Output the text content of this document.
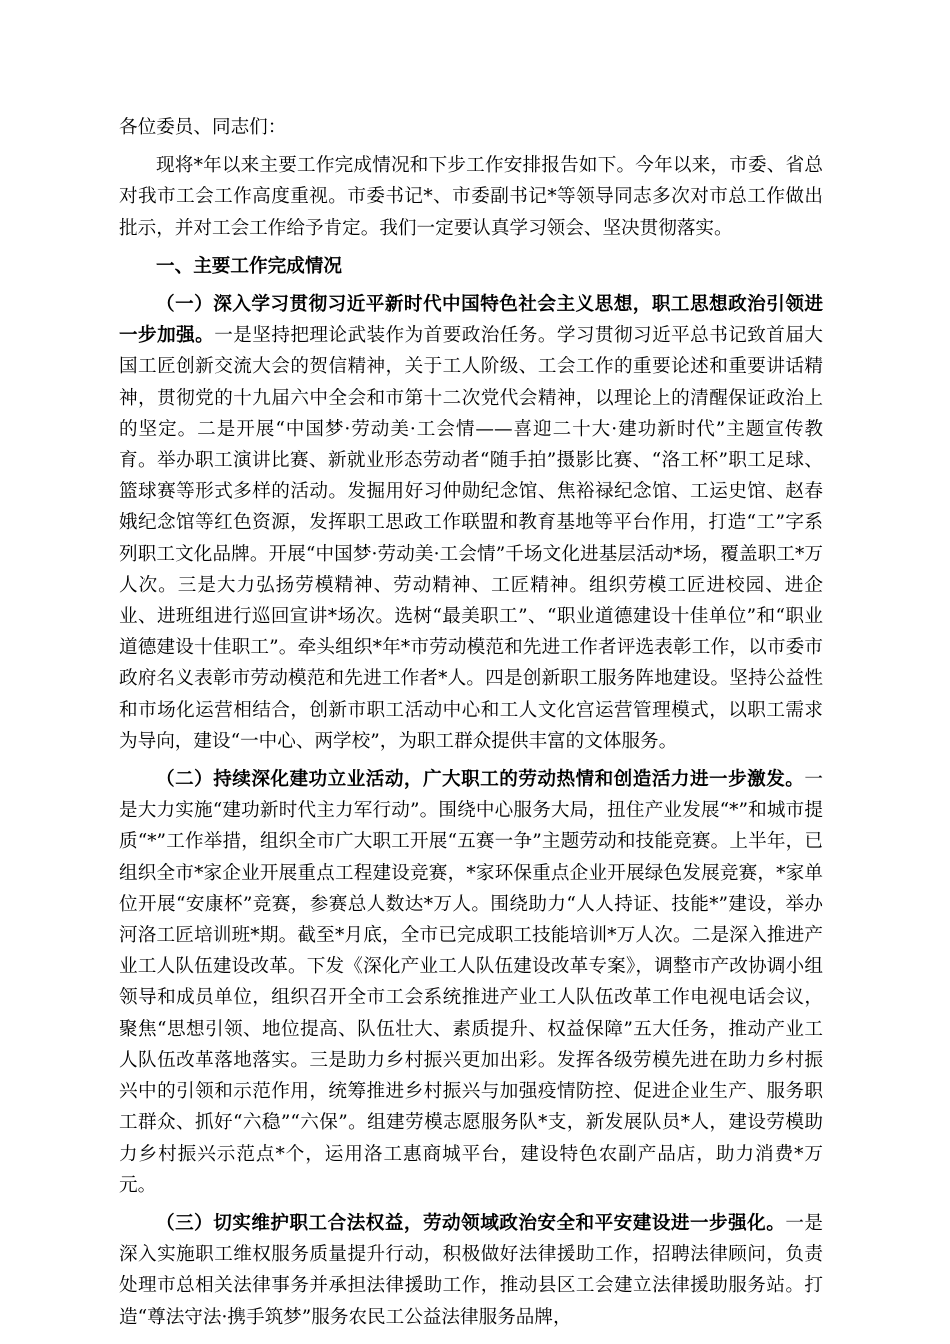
各位委员、同志们：

现将*年以来主要工作完成情况和下步工作安排报告如下。今年以来，市委、省总对我市工会工作高度重视。市委书记*、市委副书记*等领导同志多次对市总工作做出批示，并对工会工作给予肯定。我们一定要认真学习领会、坚决贯彻落实。

一、主要工作完成情况

（一）深入学习贯彻习近平新时代中国特色社会主义思想，职工思想政治引领进一步加强。一是坚持把理论武装作为首要政治任务。学习贯彻习近平总书记致首届大国工匠创新交流大会的贺信精神，关于工人阶级、工会工作的重要论述和重要讲话精神，贯彻党的十九届六中全会和市第十二次党代会精神，以理论上的清醒保证政治上的坚定。二是开展“中国梦·劳动美·工会情——喜迎二十大·建功新时代”主题宣传教育。举办职工演讲比赛、新就业形态劳动者“随手拍”摄影比赛、“洛工杯”职工足球、篮球赛等形式多样的活动。发掘用好习仲勋纪念馆、焦裕禄纪念馆、工运史馆、赵春娥纪念馆等红色资源，发挥职工思政工作联盟和教育基地等平台作用，打造“工”字系列职工文化品牌。开展“中国梦·劳动美·工会情”千场文化进基层活动*场，覆盖职工*万人次。三是大力弘扬劳模精神、劳动精神、工匠精神。组织劳模工匠进校园、进企业、进班组进行巡回宣讲*场次。选树“最美职工”、“职业道德建设十佳单位”和“职业道德建设十佳职工”。牵头组织*年*市劳动模范和先进工作者评选表彰工作，以市委市政府名义表彰市劳动模范和先进工作者*人。四是创新职工服务阵地建设。坚持公益性和市场化运营相结合，创新市职工活动中心和工人文化宫运营管理模式，以职工需求为导向，建设“一中心、两学校”，为职工群众提供丰富的文体服务。

（二）持续深化建功立业活动，广大职工的劳动热情和创造活力进一步激发。一是大力实施“建功新时代主力军行动”。围绕中心服务大局，扭住产业发展“*”和城市提质“*”工作举措，组织全市广大职工开展“五赛一争”主题劳动和技能竞赛。上半年，已组织全市*家企业开展重点工程建设竞赛，*家环保重点企业开展绿色发展竞赛，*家单位开展“安康杯”竞赛，参赛总人数达*万人。围绕助力“人人持证、技能*”建设，举办河洛工匠培训班*期。截至*月底，全市已完成职工技能培训*万人次。二是深入推进产业工人队伍建设改革。下发《深化产业工人队伍建设改革专案》，调整市产改协调小组领导和成员单位，组织召开全市工会系统推进产业工人队伍改革工作电视电话会议，聚焦“思想引领、地位提高、队伍壮大、素质提升、权益保障”五大任务，推动产业工人队伍改革落地落实。三是助力乡村振兴更加出彩。发挥各级劳模先进在助力乡村振兴中的引领和示范作用，统筹推进乡村振兴与加强疫情防控、促进企业生产、服务职工群众、抓好“六稳”“六保”。组建劳模志愿服务队*支，新发展队员*人，建设劳模助力乡村振兴示范点*个，运用洛工惠商城平台，建设特色农副产品店，助力消费*万元。

（三）切实维护职工合法权益，劳动领域政治安全和平安建设进一步强化。一是深入实施职工维权服务质量提升行动，积极做好法律援助工作，招聘法律顾问，负责处理市总相关法律事务并承担法律援助工作，推动县区工会建立法律援助服务站。打造“尊法守法·携手筑梦”服务农民工公益法律服务品牌，
